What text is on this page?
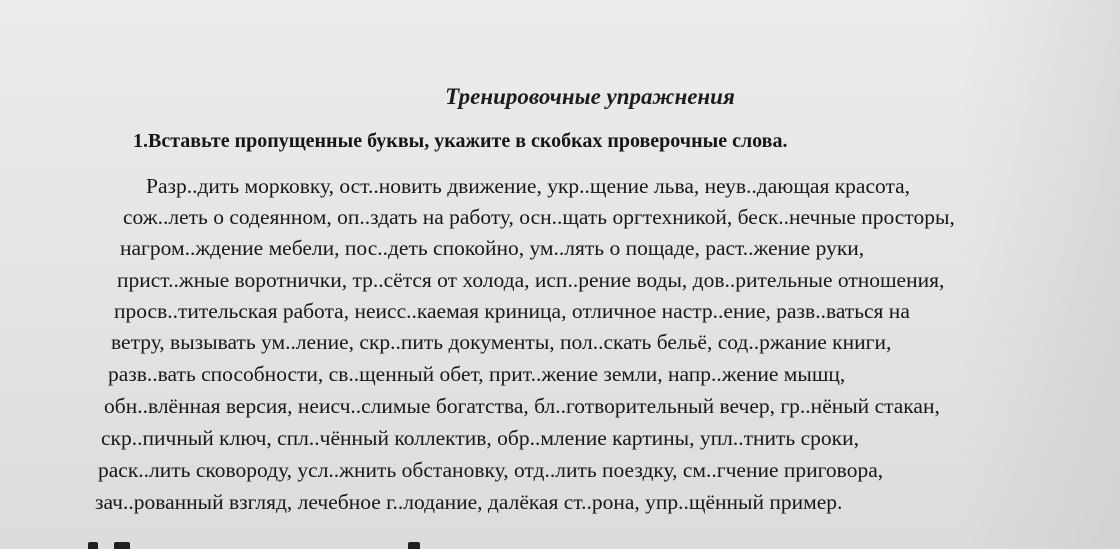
Тренировочные упражнения
1.Вставьте пропущенные буквы, укажите в скобках проверочные слова.
Разр..дить морковку, ост..новить движение, укр..щение льва, неув..дающая красота,
сож..леть о содеянном, оп..здать на работу, осн..щать оргтехникой, беск..нечные просторы,
нагром..ждение мебели, пос..деть спокойно, ум..лять о пощаде, раст..жение руки,
прист..жные воротнички, тр..сётся от холода, исп..рение воды, дов..рительные отношения,
просв..тительская работа, неисс..каемая криница, отличное настр..ение, разв..ваться на
ветру, вызывать ум..ление, скр..пить документы, пол..скать бельё, сод..ржание книги,
разв..вать способности, св..щенный обет, прит..жение земли, напр..жение мышц,
обн..влённая версия, неисч..слимые богатства, бл..готворительный вечер, гр..нёный стакан,
скр..пичный ключ, спл..чённый коллектив, обр..мление картины, упл..тнить сроки,
раск..лить сковороду, усл..жнить обстановку, отд..лить поездку, см..гчение приговора,
зач..рованный взгляд, лечебное г..лодание, далёкая ст..рона, упр..щённый пример.
